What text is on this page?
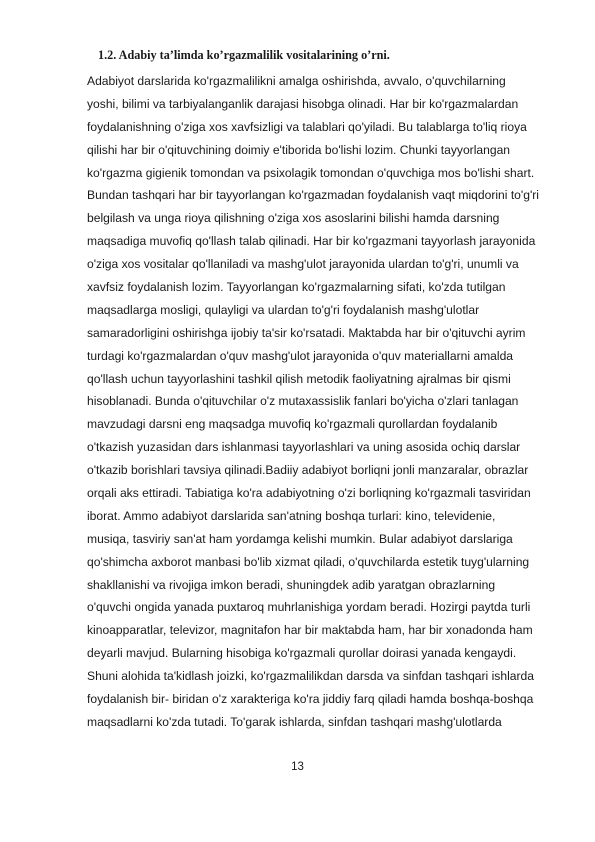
1.2. Adabiy ta’limda ko’rgazmalilik vositalarining o’rni.
Adabiyot darslarida ko'rgazmalilikni amalga oshirishda, avvalo, o'quvchilarning
yoshi, bilimi va tarbiyalanganlik darajasi hisobga olinadi. Har bir ko'rgazmalardan
foydalanishning o'ziga xos xavfsizligi va talablari qo'yiladi. Bu talablarga to'liq rioya
qilishi har bir o'qituvchining doimiy e'tiborida bo'lishi lozim. Chunki tayyorlangan
ko'rgazma gigienik tomondan va psixolagik tomondan o'quvchiga mos bo'lishi shart.
Bundan tashqari har bir tayyorlangan ko'rgazmadan foydalanish vaqt miqdorini to'g'ri
belgilash va unga rioya qilishning o'ziga xos asoslarini bilishi hamda darsning
maqsadiga muvofiq qo'llash talab qilinadi. Har bir ko'rgazmani tayyorlash jarayonida
o'ziga xos vositalar qo'llaniladi va mashg'ulot jarayonida ulardan to'g'ri, unumli va
xavfsiz foydalanish lozim. Tayyorlangan ko'rgazmalarning sifati, ko'zda tutilgan
maqsadlarga mosligi, qulayligi va ulardan to'g'ri foydalanish mashg'ulotlar
samaradorligini oshirishga ijobiy ta'sir ko'rsatadi. Maktabda har bir o'qituvchi ayrim
turdagi ko'rgazmalardan o'quv mashg'ulot jarayonida o'quv materiallarni amalda
qo'llash uchun tayyorlashini tashkil qilish metodik faoliyatning ajralmas bir qismi
hisoblanadi. Bunda o'qituvchilar o'z mutaxassislik fanlari bo'yicha o'zlari tanlagan
mavzudagi darsni eng maqsadga muvofiq ko'rgazmali qurollardan foydalanib
o'tkazish yuzasidan dars ishlanmasi tayyorlashlari va uning asosida ochiq darslar
o'tkazib borishlari tavsiya qilinadi.Badiiy adabiyot borliqni jonli manzaralar, obrazlar
orqali aks ettiradi. Tabiatiga ko'ra adabiyotning o'zi borliqning ko'rgazmali tasviridan
iborat. Ammo adabiyot darslarida san'atning boshqa turlari: kino, televidenie,
musiqa, tasviriy san'at ham yordamga kelishi mumkin. Bular adabiyot darslariga
qo'shimcha axborot manbasi bo'lib xizmat qiladi, o'quvchilarda estetik tuyg'ularning
shakllanishi va rivojiga imkon beradi, shuningdek adib yaratgan obrazlarning
o'quvchi ongida yanada puxtaroq muhrlanishiga yordam beradi. Hozirgi paytda turli
kinoapparatlar, televizor, magnitafon har bir maktabda ham, har bir xonadonda ham
deyarli mavjud. Bularning hisobiga ko'rgazmali qurollar doirasi yanada kengaydi.
Shuni alohida ta'kidlash joizki, ko'rgazmalilikdan darsda va sinfdan tashqari ishlarda
foydalanish bir- biridan o'z xarakteriga ko'ra jiddiy farq qiladi hamda boshqa-boshqa
maqsadlarni ko'zda tutadi. To'garak ishlarda, sinfdan tashqari mashg'ulotlarda
13
